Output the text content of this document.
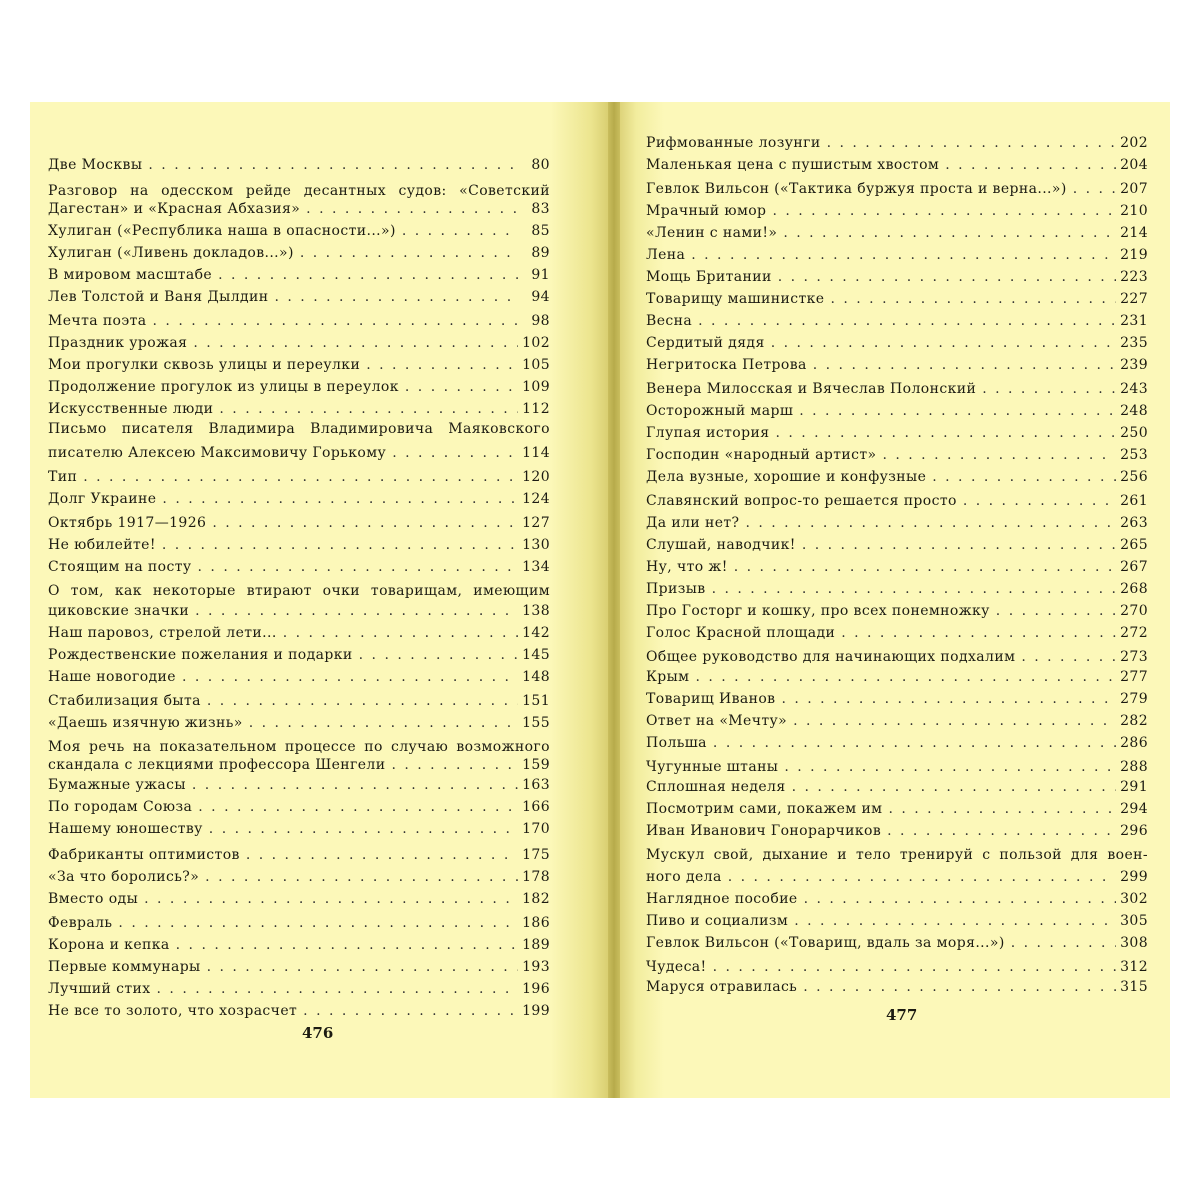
Две Москвы . . .	80
Разговор на одесском рейде десантных судов: «Советский
Дагестан» и «Красная Абхазия» . . .	83
Хулиган («Республика наша в опасности...») . . .	85
Хулиган («Ливень докладов...») . . .	89
В мировом масштабе . . .	91
Лев Толстой и Ваня Дылдин . . .	94
Мечта поэта . . .	98
Праздник урожая . . .	102
Мои прогулки сквозь улицы и переулки . . .	105
Продолжение прогулок из улицы в переулок . . .	109
Искусственные люди . . .	112
Письмо писателя Владимира Владимировича Маяковского
писателю Алексею Максимовичу Горькому . . .	114
Тип . . .	120
Долг Украине . . .	124
Октябрь 1917—1926 . . .	127
Не юбилейте! . . .	130
Стоящим на посту . . .	134
О том, как некоторые втирают очки товарищам, имеющим
циковские значки . . .	138
Наш паровоз, стрелой лети... . . .	142
Рождественские пожелания и подарки . . .	145
Наше новогодие . . .	148
Стабилизация быта . . .	151
«Даешь изячную жизнь» . . .	155
Моя речь на показательном процессе по случаю возможного
скандала с лекциями профессора Шенгели . . .	159
Бумажные ужасы . . .	163
По городам Союза . . .	166
Нашему юношеству . . .	170
Фабриканты оптимистов . . .	175
«За что боролись?» . . .	178
Вместо оды . . .	182
Февраль . . .	186
Корона и кепка . . .	189
Первые коммунары . . .	193
Лучший стих . . .	196
Не все то золото, что хозрасчет . . .	199
476
Рифмованные лозунги . . .	202
Маленькая цена с пушистым хвостом . . .	204
Гевлок Вильсон («Тактика буржуя проста и верна...») . . .	207
Мрачный юмор . . .	210
«Ленин с нами!» . . .	214
Лена . . .	219
Мощь Британии . . .	223
Товарищу машинистке . . .	227
Весна . . .	231
Сердитый дядя . . .	235
Негритоска Петрова . . .	239
Венера Милосская и Вячеслав Полонский . . .	243
Осторожный марш . . .	248
Глупая история . . .	250
Господин «народный артист» . . .	253
Дела вузные, хорошие и конфузные . . .	256
Славянский вопрос-то решается просто . . .	261
Да или нет? . . .	263
Слушай, наводчик! . . .	265
Ну, что ж! . . .	267
Призыв . . .	268
Про Госторг и кошку, про всех понемножку . . .	270
Голос Красной площади . . .	272
Общее руководство для начинающих подхалим . . .	273
Крым . . .	277
Товарищ Иванов . . .	279
Ответ на «Мечту» . . .	282
Польша . . .	286
Чугунные штаны . . .	288
Сплошная неделя . . .	291
Посмотрим сами, покажем им . . .	294
Иван Иванович Гонорарчиков . . .	296
Мускул свой, дыхание и тело тренируй с пользой для воен-
ного дела . . .	299
Наглядное пособие . . .	302
Пиво и социализм . . .	305
Гевлок Вильсон («Товарищ, вдаль за моря...») . . .	308
Чудеса! . . .	312
Маруся отравилась . . .	315
477
